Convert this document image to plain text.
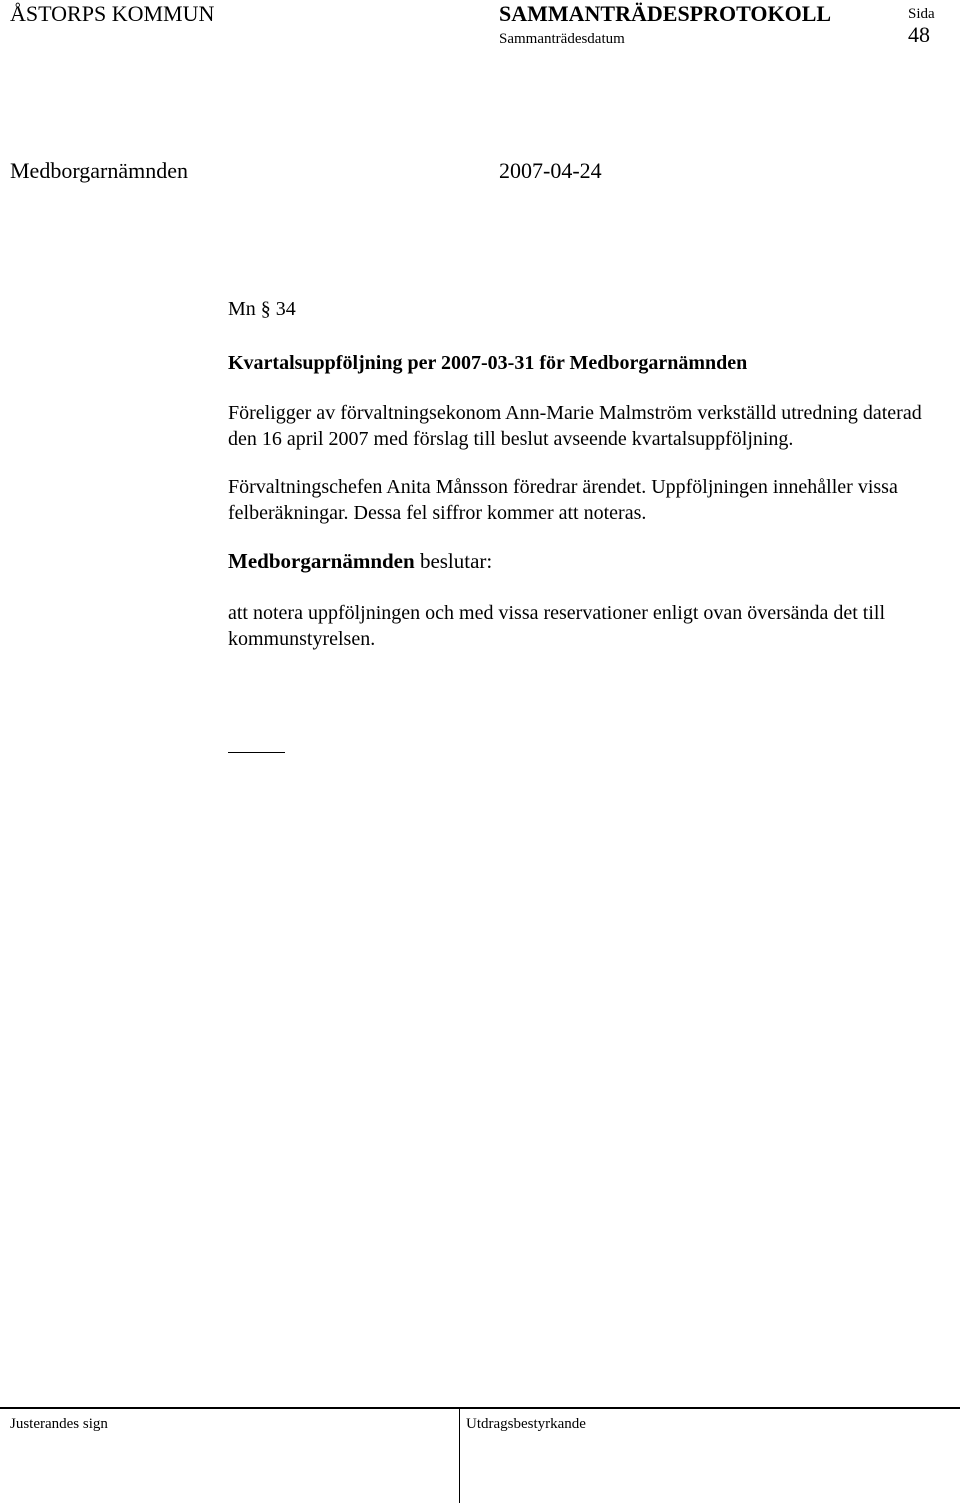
ÅSTORPS KOMMUN	SAMMANTRÄDESPROTOKOLL
Sammanträdesdatum
Sida
48
Medborgarnämnden	2007-04-24
Mn § 34
Kvartalsuppföljning per 2007-03-31 för Medborgarnämnden

Föreligger av förvaltningsekonom Ann-Marie Malmström verkställd utredning daterad den 16 april 2007 med förslag till beslut avseende kvartalsuppföljning.

Förvaltningschefen Anita Månsson föredrar ärendet. Uppföljningen innehåller vissa felberäkningar. Dessa fel siffror kommer att noteras.

Medborgarnämnden beslutar:

att notera uppföljningen och med vissa reservationer enligt ovan översända det till kommunstyrelsen.

Justerandes sign	Utdragsbestyrkande
